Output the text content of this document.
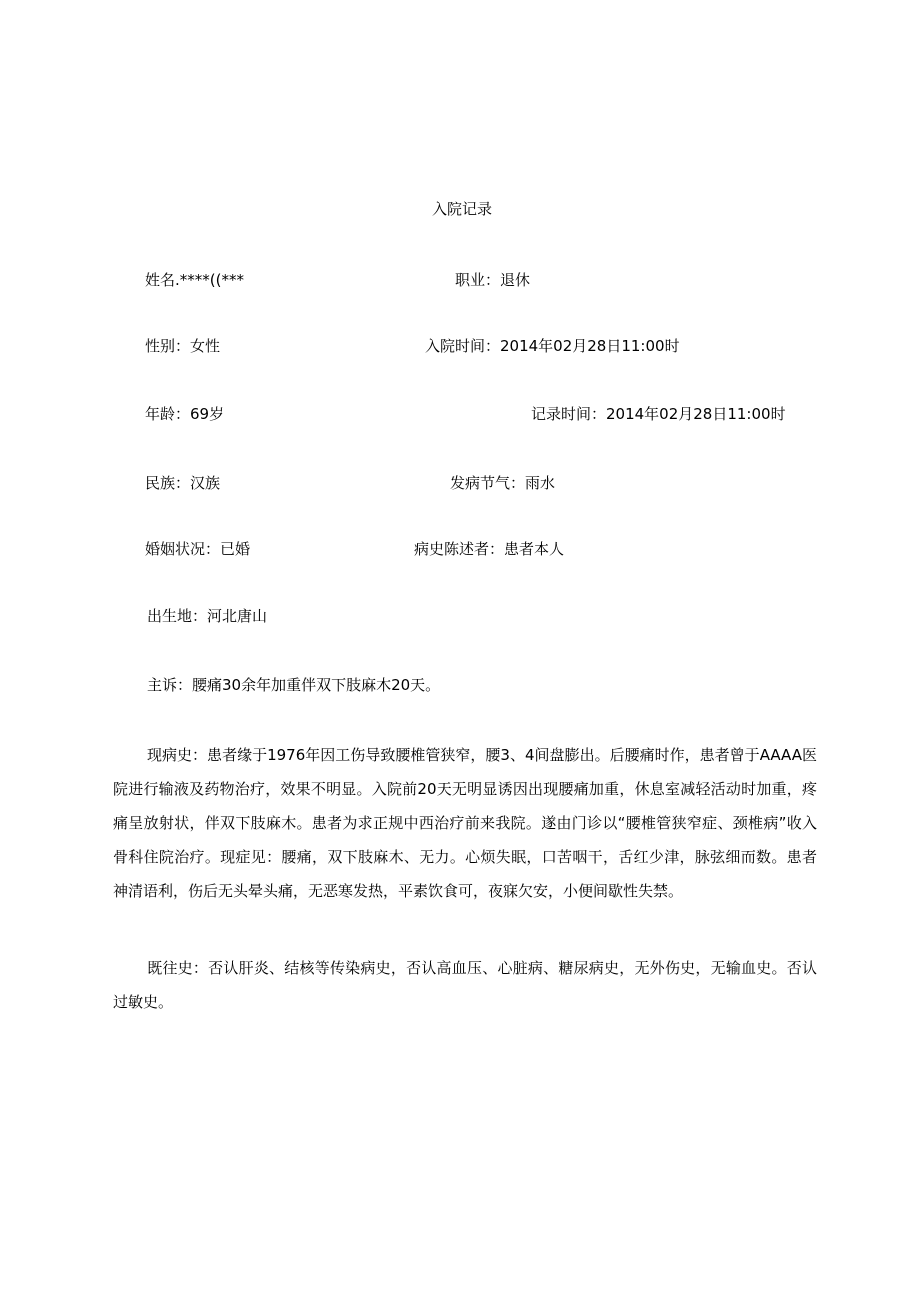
入院记录
姓名.****((***	职业：退休
性别：女性	入院时间：2014年02月28日11:00时
年龄：69岁	记录时间：2014年02月28日11:00时
民族：汉族	发病节气：雨水
婚姻状况：已婚	病史陈述者：患者本人
出生地：河北唐山
主诉：腰痛30余年加重伴双下肢麻木20天。
现病史：患者缘于1976年因工伤导致腰椎管狭窄，腰3、4间盘膨出。后腰痛时作，患者曾于AAAA医院进行输液及药物治疗，效果不明显。入院前20天无明显诱因出现腰痛加重，休息室减轻活动时加重，疼痛呈放射状，伴双下肢麻木。患者为求正规中西治疗前来我院。遂由门诊以“腰椎管狭窄症、颈椎病”收入骨科住院治疗。现症见：腰痛，双下肢麻木、无力。心烦失眠，口苦咽干，舌红少津，脉弦细而数。患者神清语利，伤后无头晕头痛，无恶寒发热，平素饮食可，夜寐欠安，小便间歇性失禁。
既往史：否认肝炎、结核等传染病史，否认高血压、心脏病、糖尿病史，无外伤史，无输血史。否认过敏史。
